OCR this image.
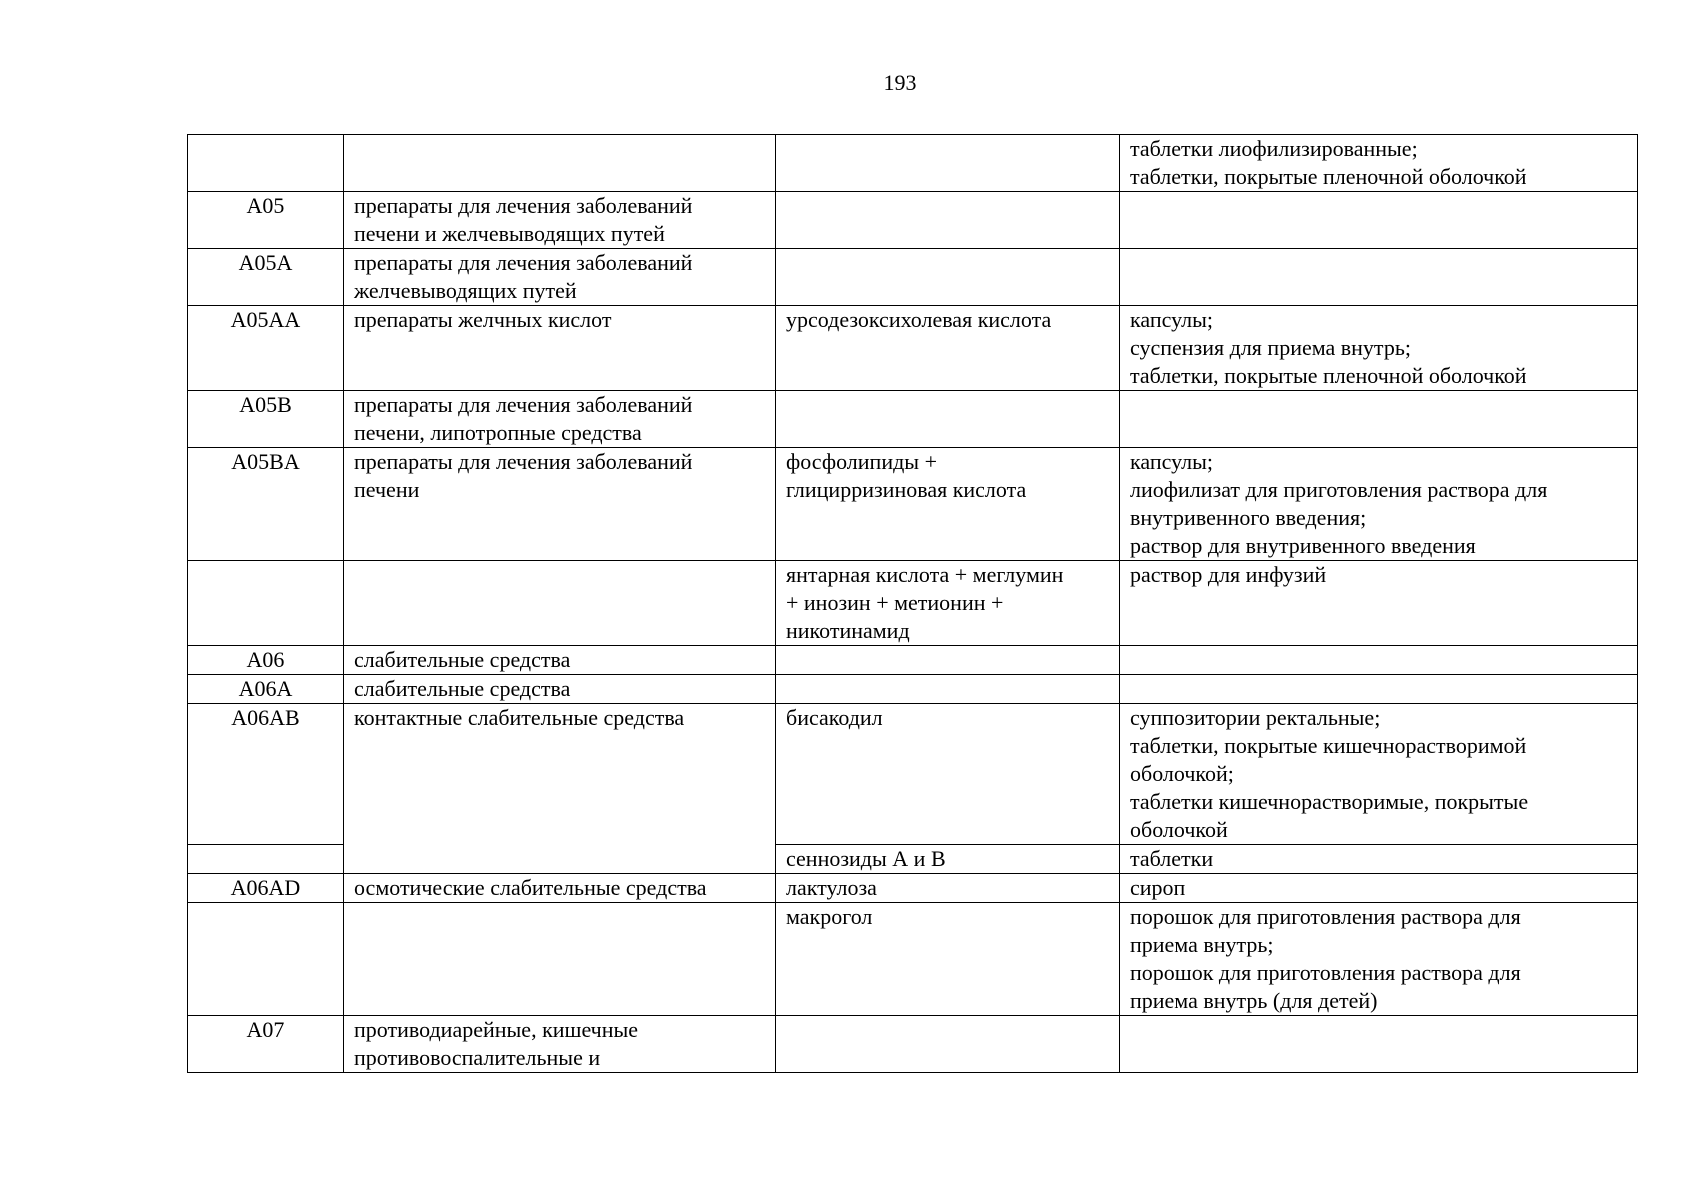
193

			таблетки лиофилизированные;
таблетки, покрытые пленочной оболочкой

A05	препараты для лечения заболеваний
печени и желчевыводящих путей		

A05A	препараты для лечения заболеваний
желчевыводящих путей		

A05AA	препараты желчных кислот	урсодезоксихолевая кислота	капсулы;
суспензия для приема внутрь;
таблетки, покрытые пленочной оболочкой

A05B	препараты для лечения заболеваний
печени, липотропные средства		

A05BA	препараты для лечения заболеваний
печени	фосфолипиды +
глицирризиновая кислота	капсулы;
лиофилизат для приготовления раствора для
внутривенного введения;
раствор для внутривенного введения

		янтарная кислота + меглумин
+ инозин + метионин +
никотинамид	раствор для инфузий

A06	слабительные средства		

A06A	слабительные средства		

A06AB	контактные слабительные средства	бисакодил	суппозитории ректальные;
таблетки, покрытые кишечнорастворимой
оболочкой;
таблетки кишечнорастворимые, покрытые
оболочкой

		сеннозиды А и В	таблетки

A06AD	осмотические слабительные средства	лактулоза	сироп

		макрогол	порошок для приготовления раствора для
приема внутрь;
порошок для приготовления раствора для
приема внутрь (для детей)

A07	противодиарейные, кишечные
противовоспалительные и		
